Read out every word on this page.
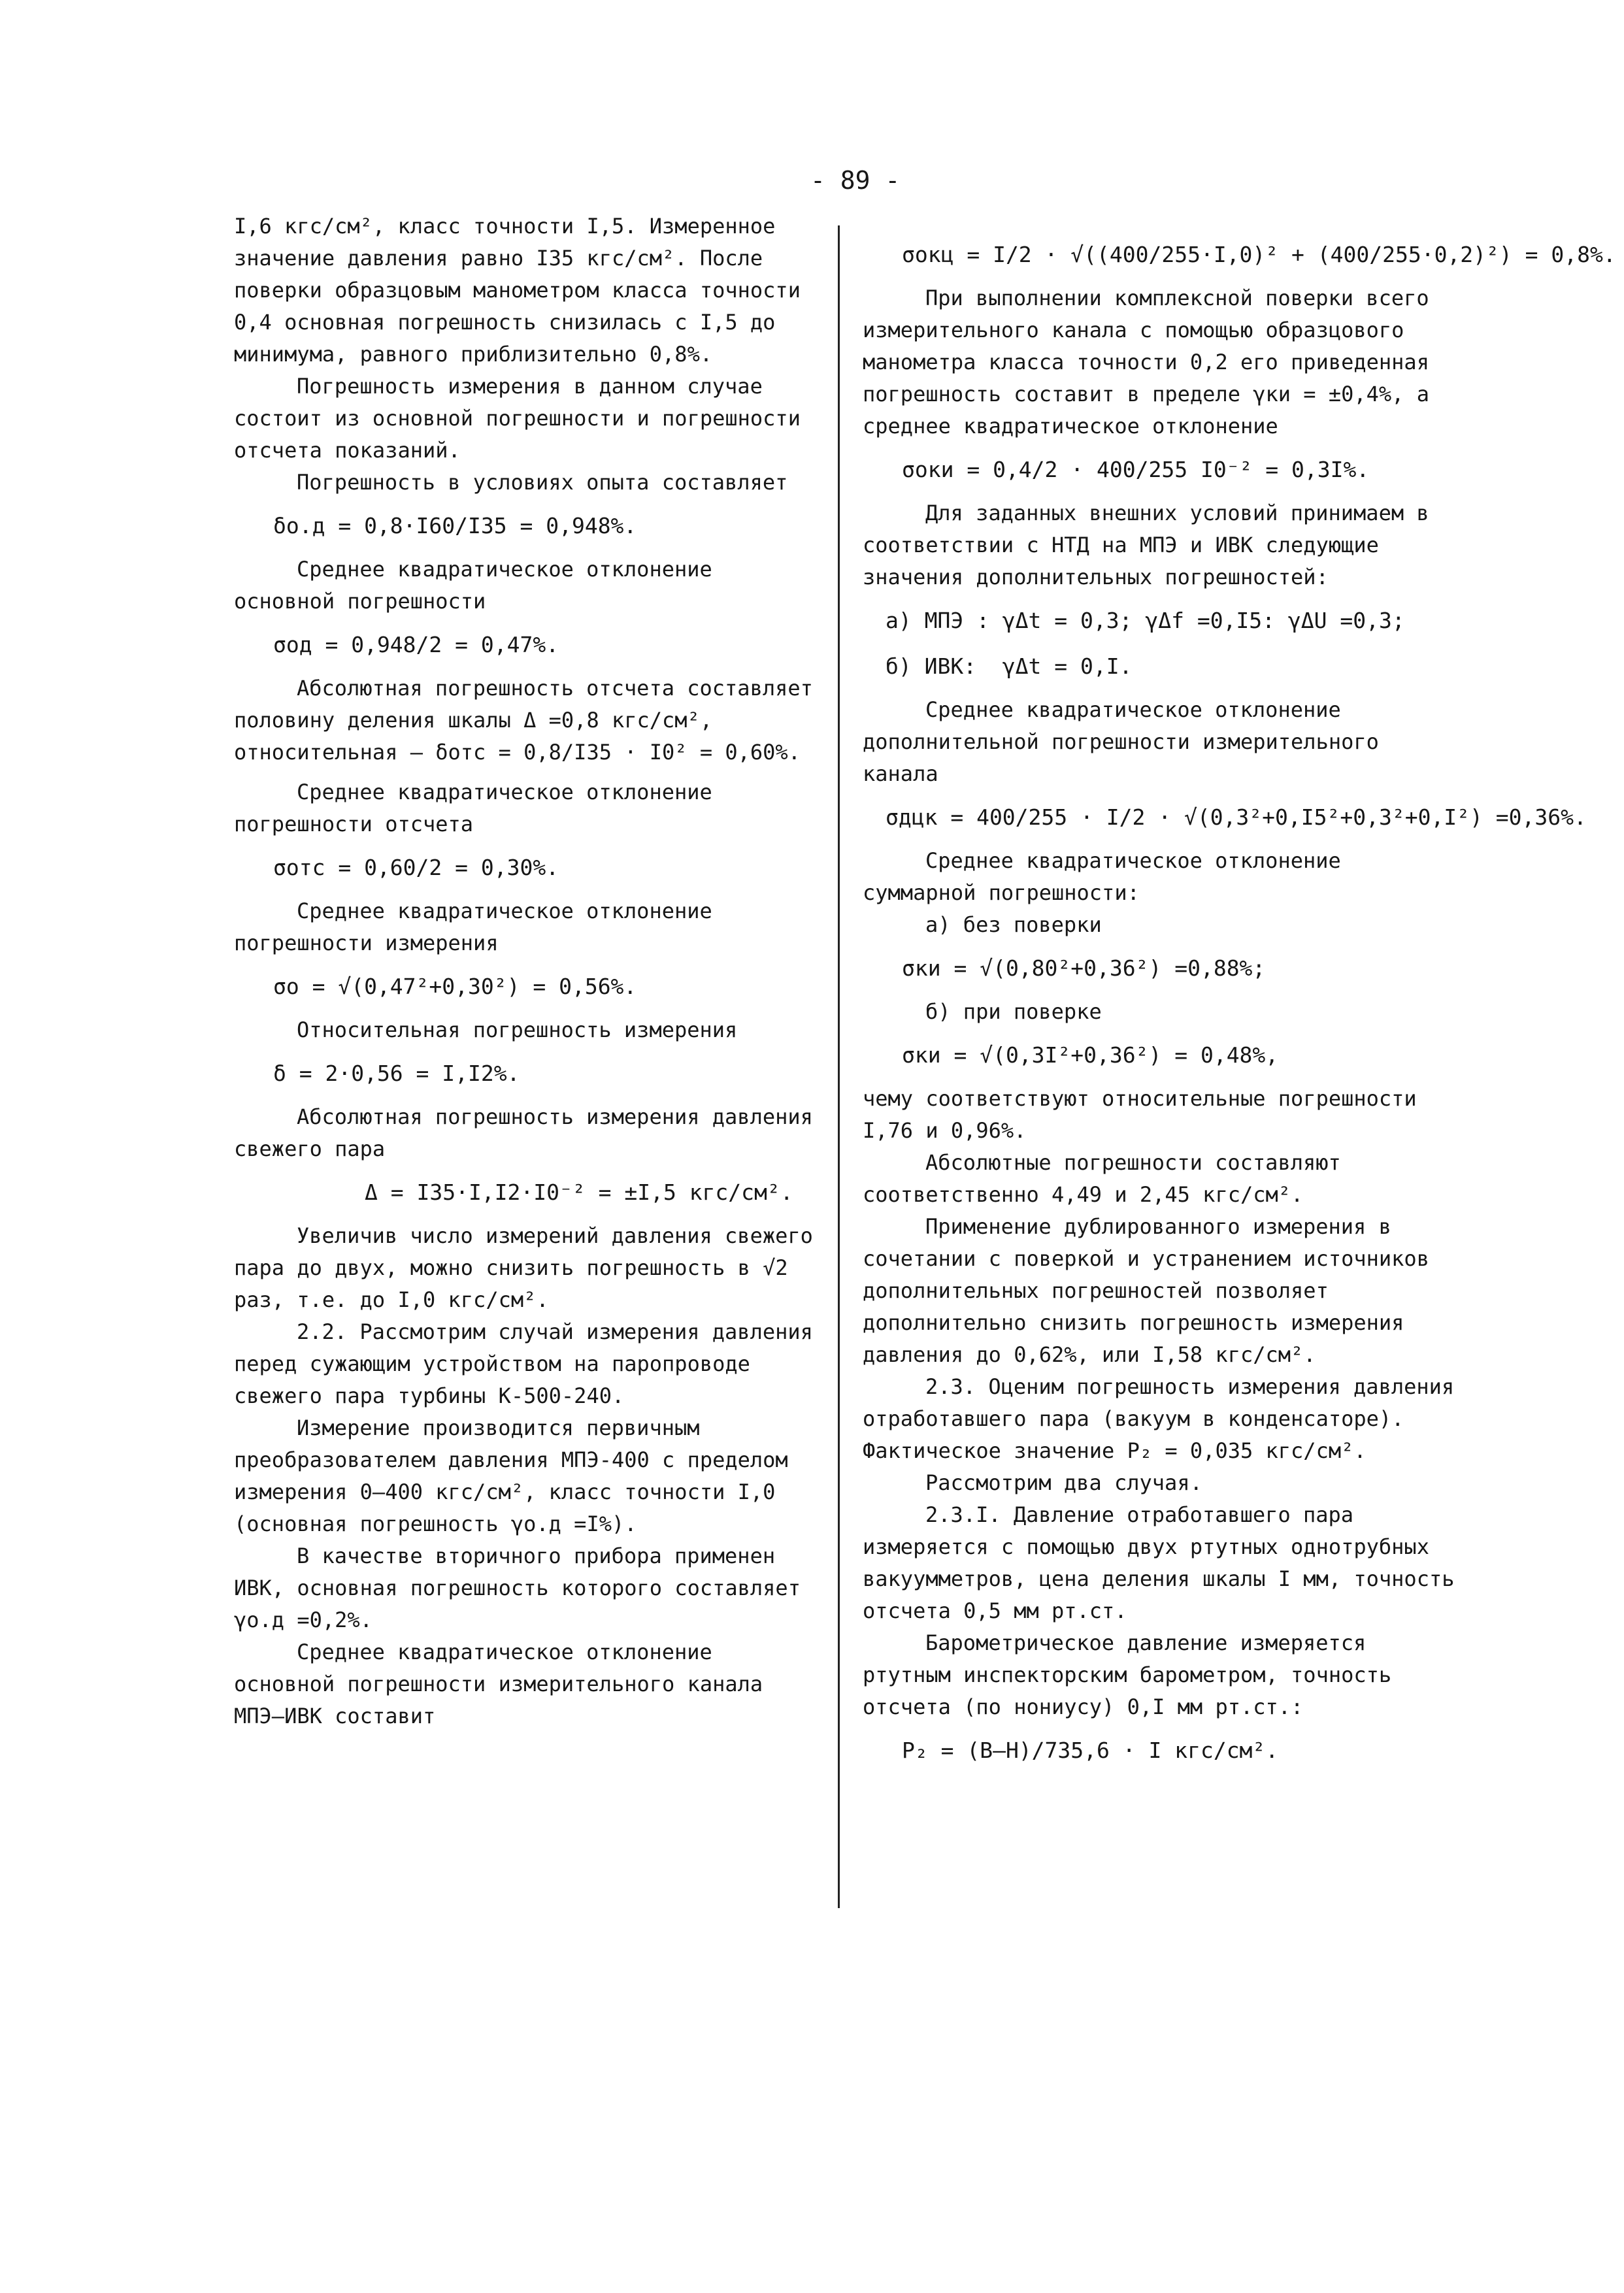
- 89 -

I,6 кгс/см², класс точности I,5. Измеренное значение давления равно I35 кгс/см². После поверки образцовым манометром класса точности 0,4 основная погрешность снизилась с I,5 до минимума, равного приблизительно 0,8%.

Погрешность измерения в данном случае состоит из основной погрешности и погрешности отсчета показаний.

Погрешность в условиях опыта составляет

δо.д = 0,8·I60/I35 = 0,948%.

Среднее квадратическое отклонение основной погрешности

σод = 0,948/2 = 0,47%.

Абсолютная погрешность отсчета составляет половину деления шкалы Δ =0,8 кгс/см², относительная – δотс = 0,8/I35 · I0² = 0,60%.

Среднее квадратическое отклонение погрешности отсчета

σотс = 0,60/2 = 0,30%.

Среднее квадратическое отклонение погрешности измерения

σо = √(0,47²+0,30²) = 0,56%.

Относительная погрешность измерения

δ = 2·0,56 = I,I2%.

Абсолютная погрешность измерения давления свежего пара

Δ = I35·I,I2·I0⁻² = ±I,5 кгс/см².

Увеличив число измерений давления свежего пара до двух, можно снизить погрешность в √2 раз, т.е. до I,0 кгс/см².

2.2. Рассмотрим случай измерения давления перед сужающим устройством на паропроводе свежего пара турбины К-500-240.

Измерение производится первичным преобразователем давления МПЭ-400 с пределом измерения 0–400 кгс/см², класс точности I,0 (основная погрешность γо.д =I%).

В качестве вторичного прибора применен ИВК, основная погрешность которого составляет γо.д =0,2%.

Среднее квадратическое отклонение основной погрешности измерительного канала МПЭ–ИВК составит

σокц = I/2 · √((400/255·I,0)² + (400/255·0,2)²) = 0,8%.

При выполнении комплексной поверки всего измерительного канала с помощью образцового манометра класса точности 0,2 его приведенная погрешность составит в пределе γки = ±0,4%, а среднее квадратическое отклонение

σоки = 0,4/2 · 400/255 I0⁻² = 0,3I%.

Для заданных внешних условий принимаем в соответствии с НТД на МПЭ и ИВК следующие значения дополнительных погрешностей:

а) МПЭ : γΔt = 0,3; γΔf =0,I5: γΔU =0,3;
б) ИВК:  γΔt = 0,I.

Среднее квадратическое отклонение дополнительной погрешности измерительного канала

σдцк = 400/255 · I/2 · √(0,3²+0,I5²+0,3²+0,I²) =0,36%.

Среднее квадратическое отклонение суммарной погрешности:

а) без поверки

σки = √(0,80²+0,36²) =0,88%;

б) при поверке

σки = √(0,3I²+0,36²) = 0,48%,

чему соответствуют относительные погрешности I,76 и 0,96%.

Абсолютные погрешности составляют соответственно 4,49 и 2,45 кгс/см².

Применение дублированного измерения в сочетании с поверкой и устранением источников дополнительных погрешностей позволяет дополнительно снизить погрешность измерения давления до 0,62%, или I,58 кгс/см².

2.3. Оценим погрешность измерения давления отработавшего пара (вакуум в конденсаторе). Фактическое значение P₂ = 0,035 кгс/см².

Рассмотрим два случая.

2.3.I. Давление отработавшего пара измеряется с помощью двух ртутных однотрубных вакуумметров, цена деления шкалы I мм, точность отсчета 0,5 мм рт.ст.

Барометрическое давление измеряется ртутным инспекторским барометром, точность отсчета (по нониусу) 0,I мм рт.ст.:

P₂ = (В–Н)/735,6 · I кгс/см².
